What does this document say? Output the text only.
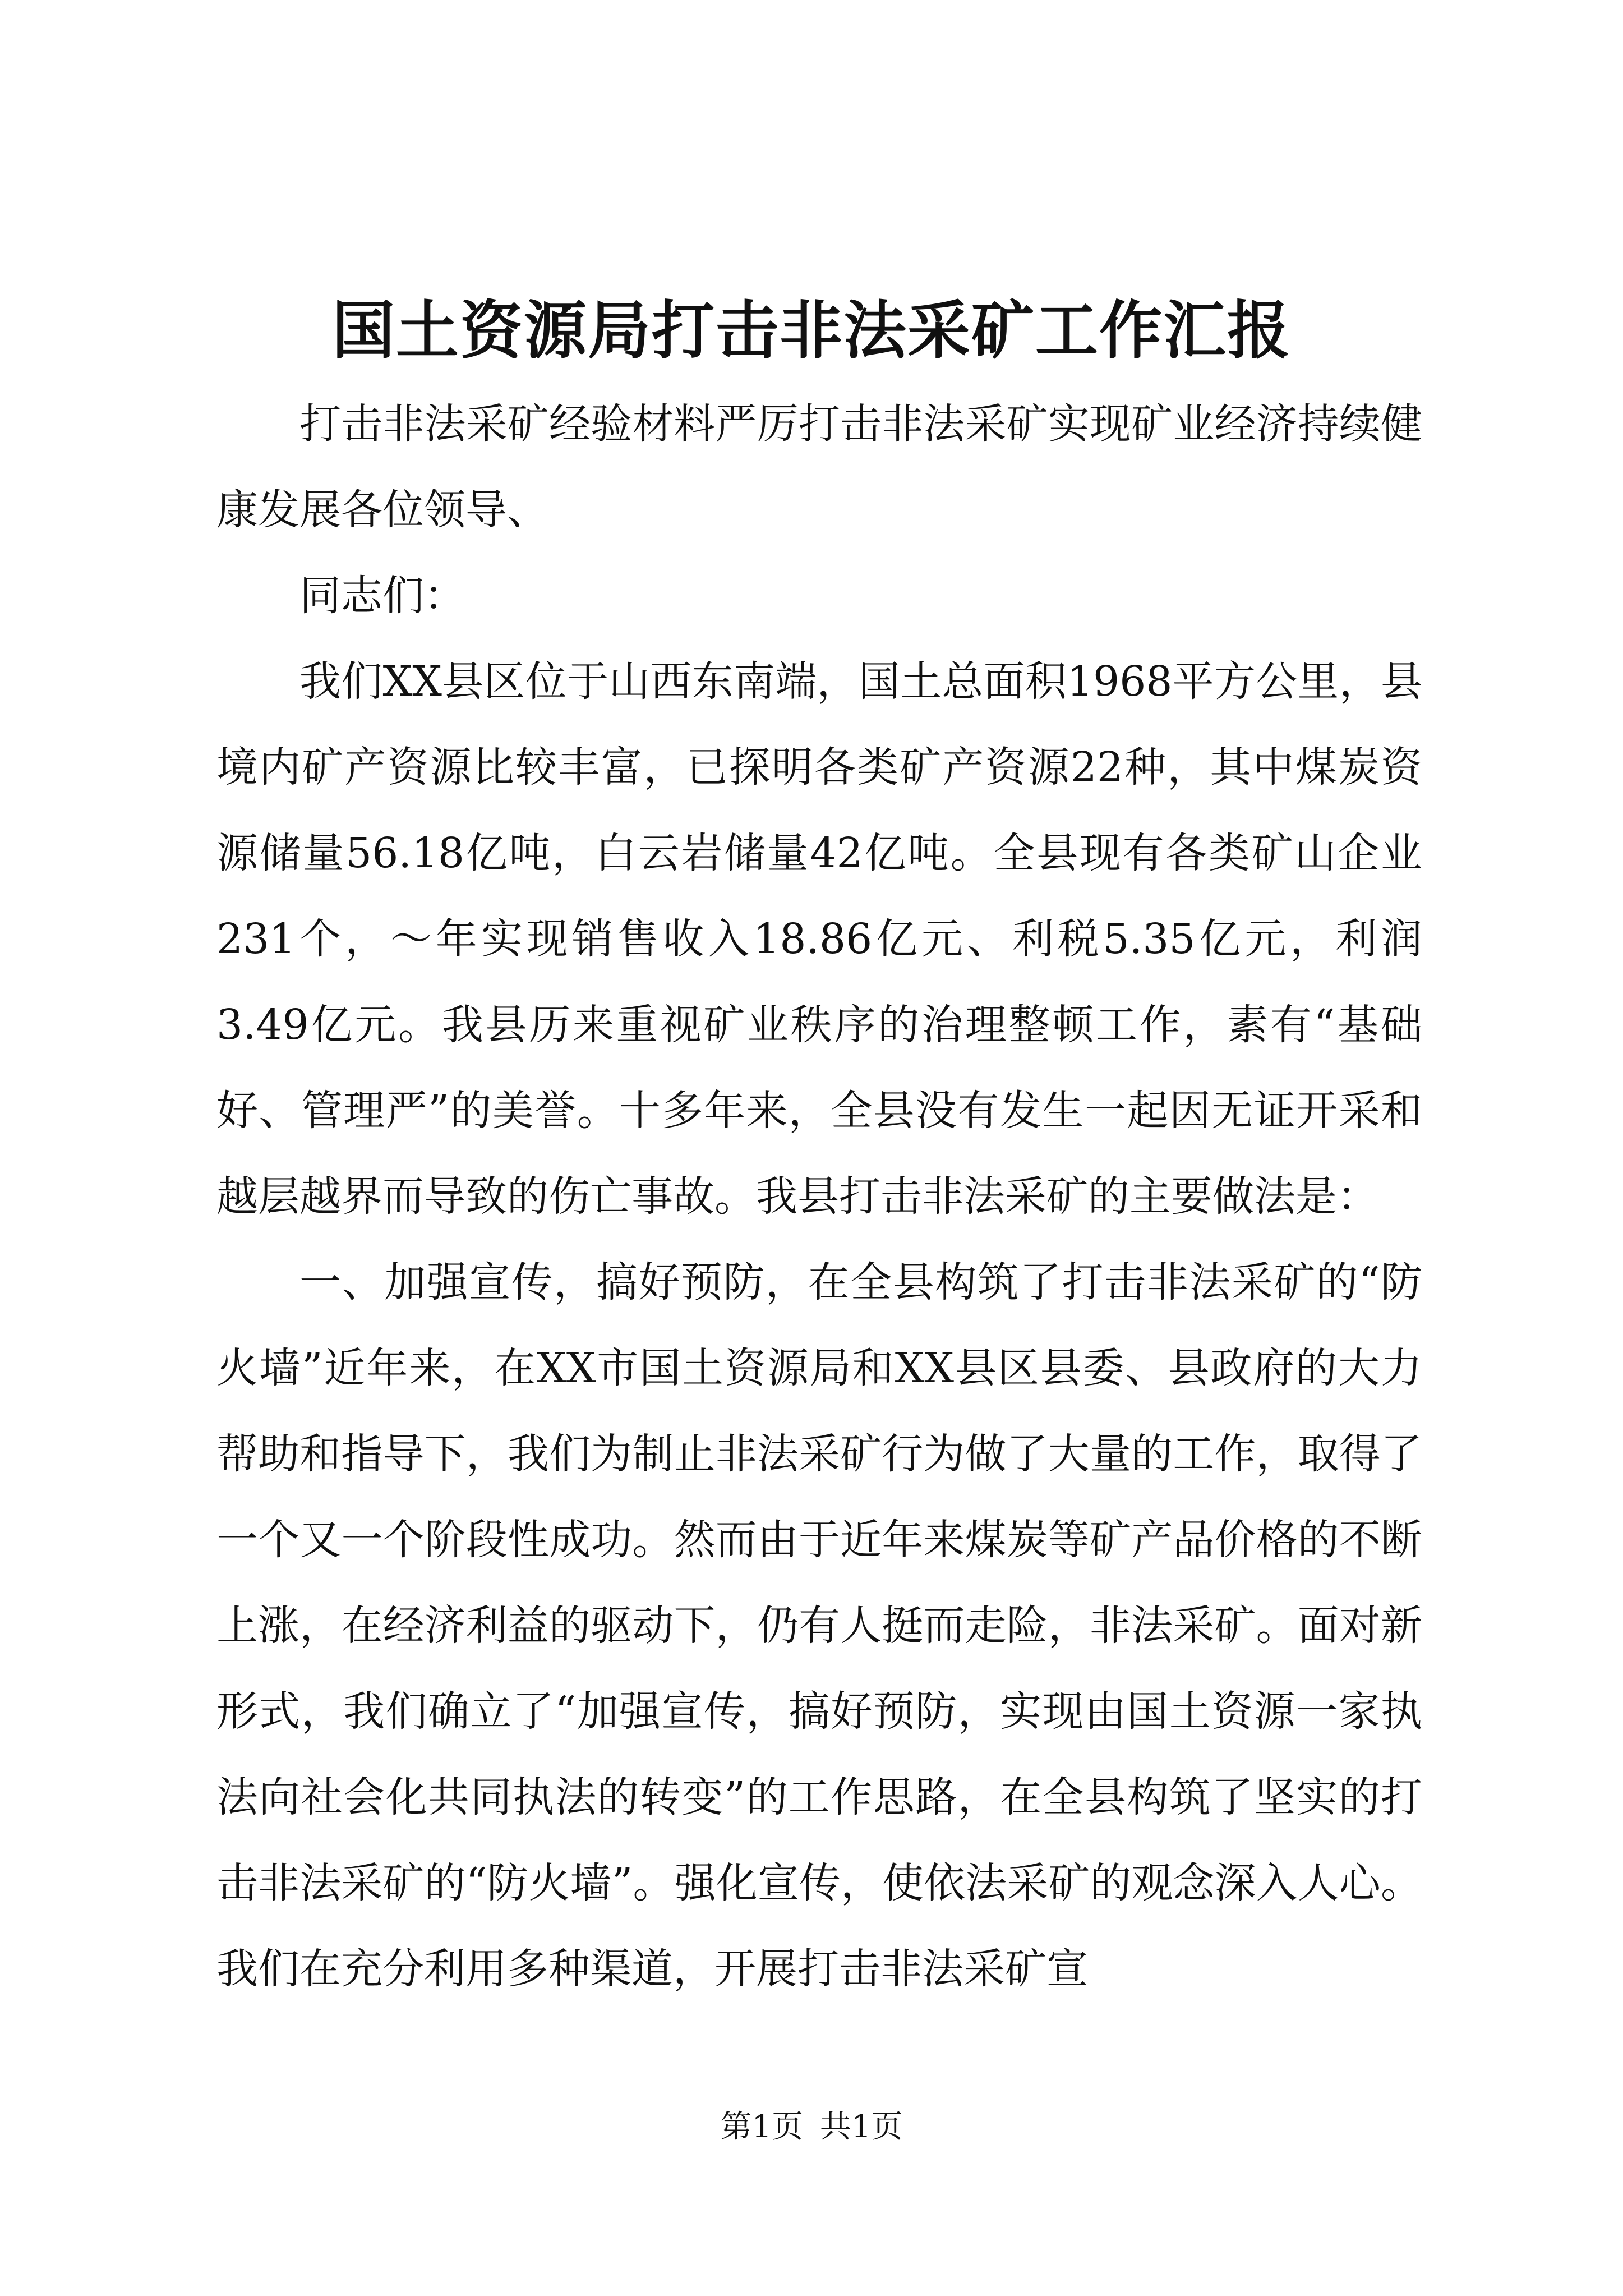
国土资源局打击非法采矿工作汇报

打击非法采矿经验材料严厉打击非法采矿实现矿业经济持续健康发展各位领导、

同志们：

我们XX县区位于山西东南端，国土总面积1968平方公里，县境内矿产资源比较丰富，已探明各类矿产资源22种，其中煤炭资源储量56.18亿吨，白云岩储量42亿吨。全县现有各类矿山企业231个，～年实现销售收入18.86亿元、利税5.35亿元，利润3.49亿元。我县历来重视矿业秩序的治理整顿工作，素有“基础好、管理严”的美誉。十多年来，全县没有发生一起因无证开采和越层越界而导致的伤亡事故。我县打击非法采矿的主要做法是：

一、加强宣传，搞好预防，在全县构筑了打击非法采矿的“防火墙”近年来，在XX市国土资源局和XX县区县委、县政府的大力帮助和指导下，我们为制止非法采矿行为做了大量的工作，取得了一个又一个阶段性成功。然而由于近年来煤炭等矿产品价格的不断上涨，在经济利益的驱动下，仍有人挺而走险，非法采矿。面对新形式，我们确立了“加强宣传，搞好预防，实现由国土资源一家执法向社会化共同执法的转变”的工作思路，在全县构筑了坚实的打击非法采矿的“防火墙”。强化宣传，使依法采矿的观念深入人心。我们在充分利用多种渠道，开展打击非法采矿宣

第1页 共1页
